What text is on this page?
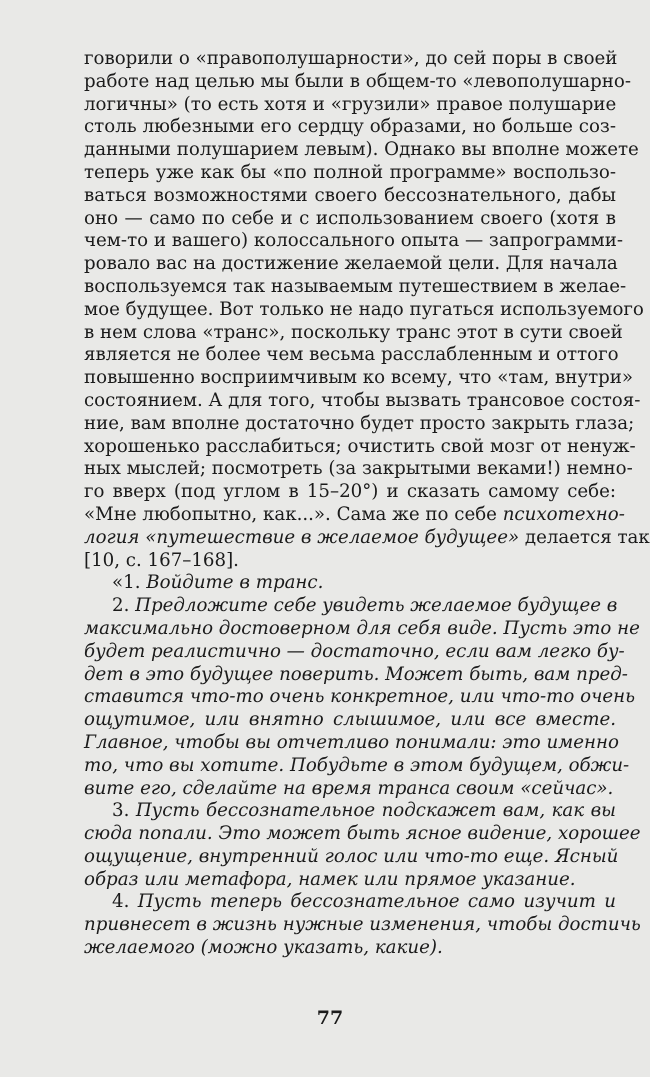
говорили о «правополушарности», до сей поры в своей
работе над целью мы были в общем-то «левополушарно-
логичны» (то есть хотя и «грузили» правое полушарие
столь любезными его сердцу образами, но больше соз-
данными полушарием левым). Однако вы вполне можете
теперь уже как бы «по полной программе» воспользо-
ваться возможностями своего бессознательного, дабы
оно — само по себе и с использованием своего (хотя в
чем-то и вашего) колоссального опыта — запрограмми-
ровало вас на достижение желаемой цели. Для начала
воспользуемся так называемым путешествием в желае-
мое будущее. Вот только не надо пугаться используемого
в нем слова «транс», поскольку транс этот в сути своей
является не более чем весьма расслабленным и оттого
повышенно восприимчивым ко всему, что «там, внутри»
состоянием. А для того, чтобы вызвать трансовое состоя-
ние, вам вполне достаточно будет просто закрыть глаза;
хорошенько расслабиться; очистить свой мозг от ненуж-
ных мыслей; посмотреть (за закрытыми веками!) немно-
го вверх (под углом в 15–20°) и сказать самому себе:
«Мне любопытно, как...». Сама же по себе психотехно-
логия «путешествие в желаемое будущее» делается так
[10, с. 167–168].
«1. Войдите в транс.
2. Предложите себе увидеть желаемое будущее в
максимально достоверном для себя виде. Пусть это не
будет реалистично — достаточно, если вам легко бу-
дет в это будущее поверить. Может быть, вам пред-
ставится что-то очень конкретное, или что-то очень
ощутимое, или внятно слышимое, или все вместе.
Главное, чтобы вы отчетливо понимали: это именно
то, что вы хотите. Побудьте в этом будущем, обжи-
вите его, сделайте на время транса своим «сейчас».
3. Пусть бессознательное подскажет вам, как вы
сюда попали. Это может быть ясное видение, хорошее
ощущение, внутренний голос или что-то еще. Ясный
образ или метафора, намек или прямое указание.
4. Пусть теперь бессознательное само изучит и
привнесет в жизнь нужные изменения, чтобы достичь
желаемого (можно указать, какие).
77
